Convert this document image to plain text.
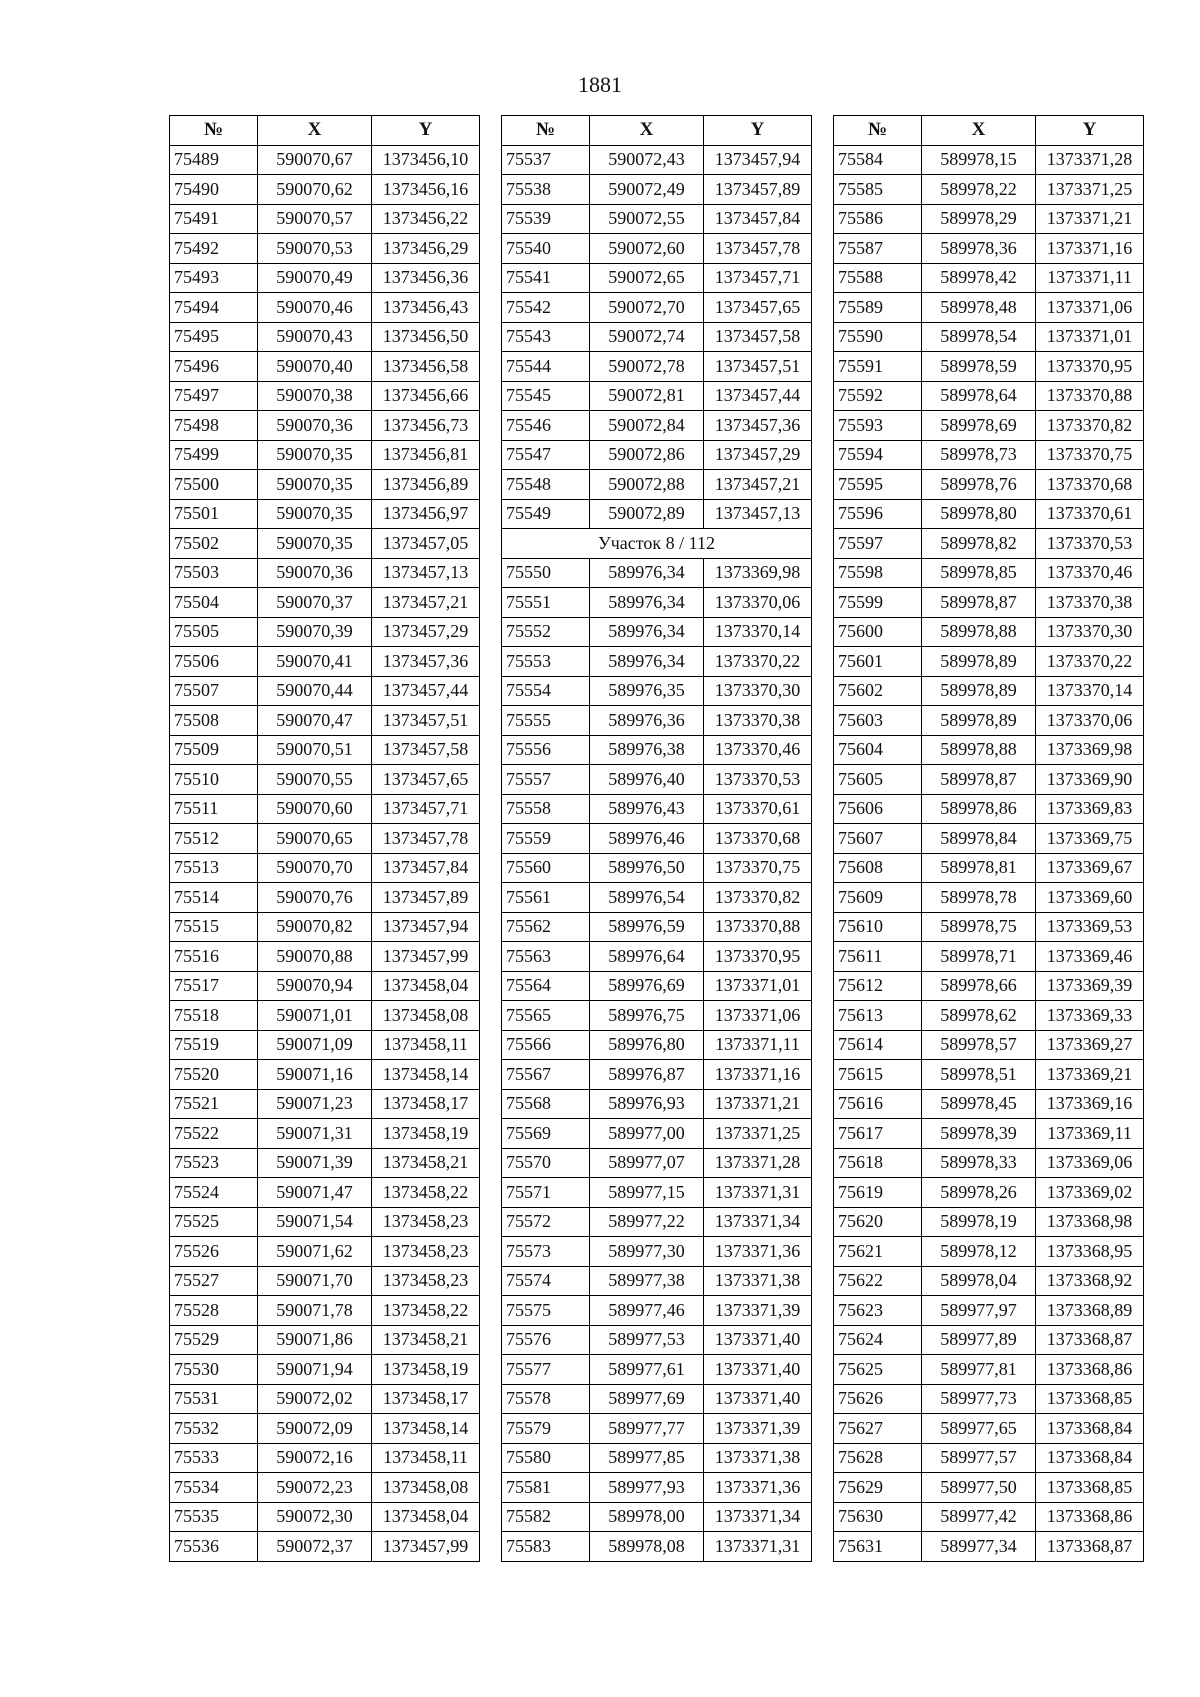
1881
№	X	Y
75489	590070,67	1373456,10
75490	590070,62	1373456,16
75491	590070,57	1373456,22
75492	590070,53	1373456,29
75493	590070,49	1373456,36
75494	590070,46	1373456,43
75495	590070,43	1373456,50
75496	590070,40	1373456,58
75497	590070,38	1373456,66
75498	590070,36	1373456,73
75499	590070,35	1373456,81
75500	590070,35	1373456,89
75501	590070,35	1373456,97
75502	590070,35	1373457,05
75503	590070,36	1373457,13
75504	590070,37	1373457,21
75505	590070,39	1373457,29
75506	590070,41	1373457,36
75507	590070,44	1373457,44
75508	590070,47	1373457,51
75509	590070,51	1373457,58
75510	590070,55	1373457,65
75511	590070,60	1373457,71
75512	590070,65	1373457,78
75513	590070,70	1373457,84
75514	590070,76	1373457,89
75515	590070,82	1373457,94
75516	590070,88	1373457,99
75517	590070,94	1373458,04
75518	590071,01	1373458,08
75519	590071,09	1373458,11
75520	590071,16	1373458,14
75521	590071,23	1373458,17
75522	590071,31	1373458,19
75523	590071,39	1373458,21
75524	590071,47	1373458,22
75525	590071,54	1373458,23
75526	590071,62	1373458,23
75527	590071,70	1373458,23
75528	590071,78	1373458,22
75529	590071,86	1373458,21
75530	590071,94	1373458,19
75531	590072,02	1373458,17
75532	590072,09	1373458,14
75533	590072,16	1373458,11
75534	590072,23	1373458,08
75535	590072,30	1373458,04
75536	590072,37	1373457,99
№	X	Y
75537	590072,43	1373457,94
75538	590072,49	1373457,89
75539	590072,55	1373457,84
75540	590072,60	1373457,78
75541	590072,65	1373457,71
75542	590072,70	1373457,65
75543	590072,74	1373457,58
75544	590072,78	1373457,51
75545	590072,81	1373457,44
75546	590072,84	1373457,36
75547	590072,86	1373457,29
75548	590072,88	1373457,21
75549	590072,89	1373457,13
Участок 8 / 112		
75550	589976,34	1373369,98
75551	589976,34	1373370,06
75552	589976,34	1373370,14
75553	589976,34	1373370,22
75554	589976,35	1373370,30
75555	589976,36	1373370,38
75556	589976,38	1373370,46
75557	589976,40	1373370,53
75558	589976,43	1373370,61
75559	589976,46	1373370,68
75560	589976,50	1373370,75
75561	589976,54	1373370,82
75562	589976,59	1373370,88
75563	589976,64	1373370,95
75564	589976,69	1373371,01
75565	589976,75	1373371,06
75566	589976,80	1373371,11
75567	589976,87	1373371,16
75568	589976,93	1373371,21
75569	589977,00	1373371,25
75570	589977,07	1373371,28
75571	589977,15	1373371,31
75572	589977,22	1373371,34
75573	589977,30	1373371,36
75574	589977,38	1373371,38
75575	589977,46	1373371,39
75576	589977,53	1373371,40
75577	589977,61	1373371,40
75578	589977,69	1373371,40
75579	589977,77	1373371,39
75580	589977,85	1373371,38
75581	589977,93	1373371,36
75582	589978,00	1373371,34
75583	589978,08	1373371,31
№	X	Y
75584	589978,15	1373371,28
75585	589978,22	1373371,25
75586	589978,29	1373371,21
75587	589978,36	1373371,16
75588	589978,42	1373371,11
75589	589978,48	1373371,06
75590	589978,54	1373371,01
75591	589978,59	1373370,95
75592	589978,64	1373370,88
75593	589978,69	1373370,82
75594	589978,73	1373370,75
75595	589978,76	1373370,68
75596	589978,80	1373370,61
75597	589978,82	1373370,53
75598	589978,85	1373370,46
75599	589978,87	1373370,38
75600	589978,88	1373370,30
75601	589978,89	1373370,22
75602	589978,89	1373370,14
75603	589978,89	1373370,06
75604	589978,88	1373369,98
75605	589978,87	1373369,90
75606	589978,86	1373369,83
75607	589978,84	1373369,75
75608	589978,81	1373369,67
75609	589978,78	1373369,60
75610	589978,75	1373369,53
75611	589978,71	1373369,46
75612	589978,66	1373369,39
75613	589978,62	1373369,33
75614	589978,57	1373369,27
75615	589978,51	1373369,21
75616	589978,45	1373369,16
75617	589978,39	1373369,11
75618	589978,33	1373369,06
75619	589978,26	1373369,02
75620	589978,19	1373368,98
75621	589978,12	1373368,95
75622	589978,04	1373368,92
75623	589977,97	1373368,89
75624	589977,89	1373368,87
75625	589977,81	1373368,86
75626	589977,73	1373368,85
75627	589977,65	1373368,84
75628	589977,57	1373368,84
75629	589977,50	1373368,85
75630	589977,42	1373368,86
75631	589977,34	1373368,87
